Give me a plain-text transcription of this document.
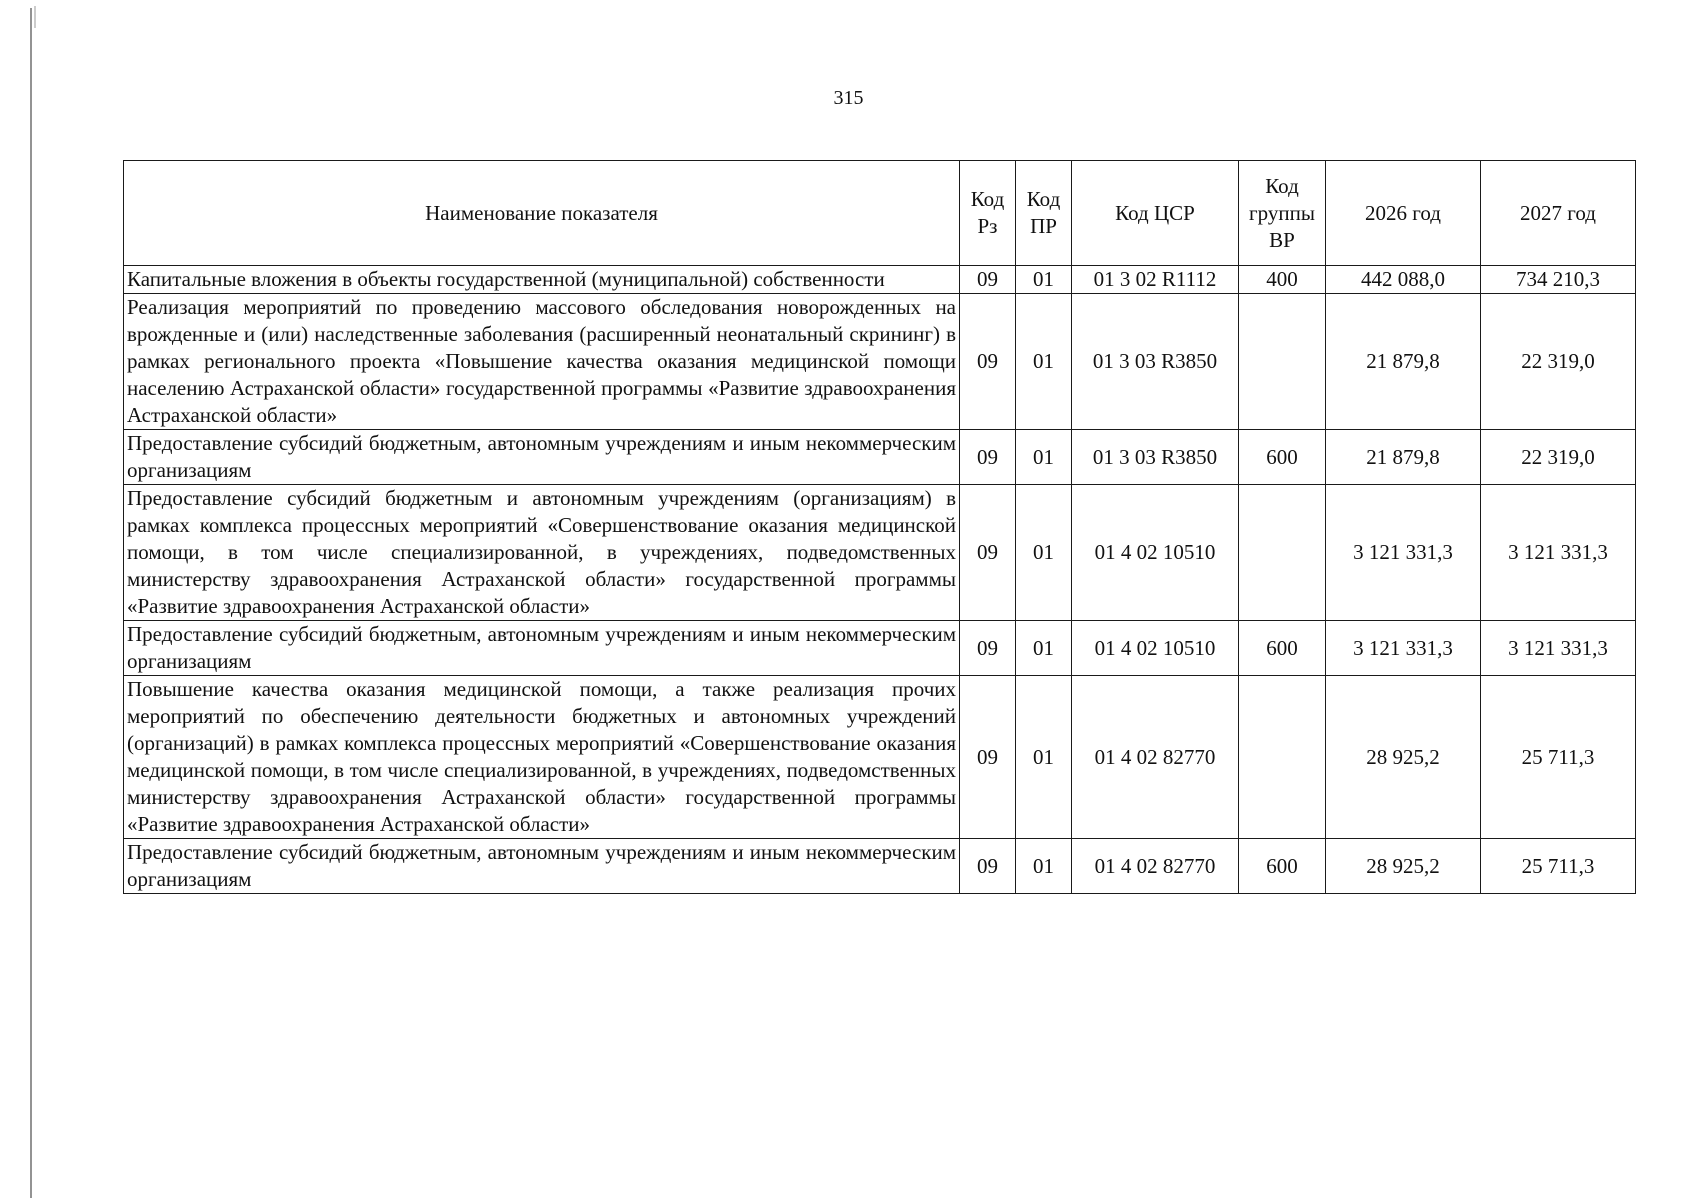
315
Наименование показателя	Код Рз	Код ПР	Код ЦСР	Код группы ВР	2026 год	2027 год
Капитальные вложения в объекты государственной (муниципальной) собственности	09	01	01 3 02 R1112	400	442 088,0	734 210,3
Реализация мероприятий по проведению массового обследования новорожденных на врожденные и (или) наследственные заболевания (расширенный неонатальный скрининг) в рамках регионального проекта «Повышение качества оказания медицинской помощи населению Астраханской области» государственной программы «Развитие здравоохранения Астраханской области»	09	01	01 3 03 R3850		21 879,8	22 319,0
Предоставление субсидий бюджетным, автономным учреждениям и иным некоммерческим организациям	09	01	01 3 03 R3850	600	21 879,8	22 319,0
Предоставление субсидий бюджетным и автономным учреждениям (организациям) в рамках комплекса процессных мероприятий «Совершенствование оказания медицинской помощи, в том числе специализированной, в учреждениях, подведомственных министерству здравоохранения Астраханской области» государственной программы «Развитие здравоохранения Астраханской области»	09	01	01 4 02 10510		3 121 331,3	3 121 331,3
Предоставление субсидий бюджетным, автономным учреждениям и иным некоммерческим организациям	09	01	01 4 02 10510	600	3 121 331,3	3 121 331,3
Повышение качества оказания медицинской помощи, а также реализация прочих мероприятий по обеспечению деятельности бюджетных и автономных учреждений (организаций) в рамках комплекса процессных мероприятий «Совершенствование оказания медицинской помощи, в том числе специализированной, в учреждениях, подведомственных министерству здравоохранения Астраханской области» государственной программы «Развитие здравоохранения Астраханской области»	09	01	01 4 02 82770		28 925,2	25 711,3
Предоставление субсидий бюджетным, автономным учреждениям и иным некоммерческим организациям	09	01	01 4 02 82770	600	28 925,2	25 711,3
